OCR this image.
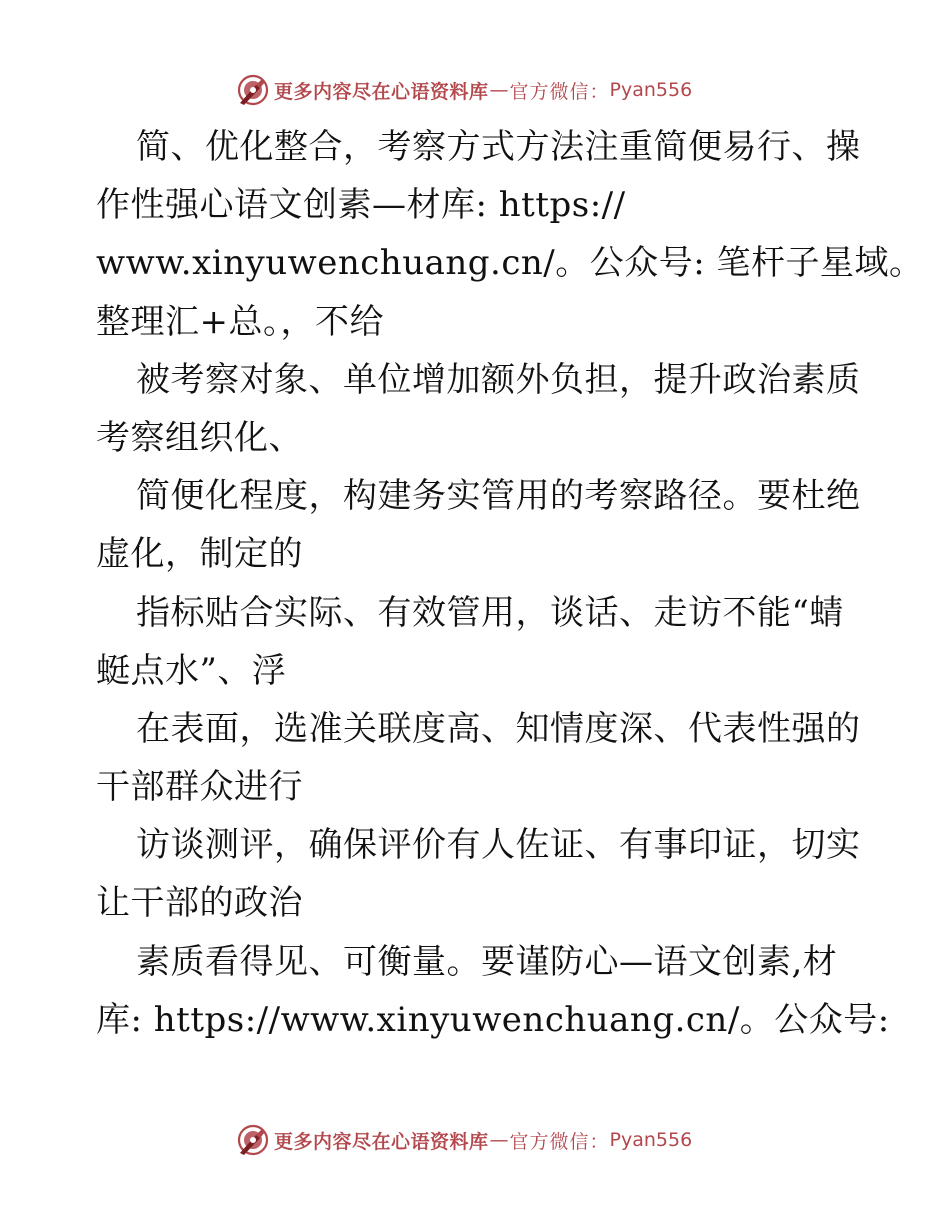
更多内容尽在心语资料库 — 官方微信： Pyan556
简、优化整合，考察方式方法注重简便易行、操
作性强心语文创素—材库: https://
www.xinyuwenchuang.cn/。公众号: 笔杆子星域。
整理汇+总。，不给
被考察对象、单位增加额外负担，提升政治素质
考察组织化、
简便化程度，构建务实管用的考察路径。要杜绝
虚化，制定的
指标贴合实际、有效管用，谈话、走访不能“蜻
蜓点水”、浮
在表面，选准关联度高、知情度深、代表性强的
干部群众进行
访谈测评，确保评价有人佐证、有事印证，切实
让干部的政治
素质看得见、可衡量。要谨防心—语文创素,材
库: https://www.xinyuwenchuang.cn/。公众号:
更多内容尽在心语资料库 — 官方微信： Pyan556
